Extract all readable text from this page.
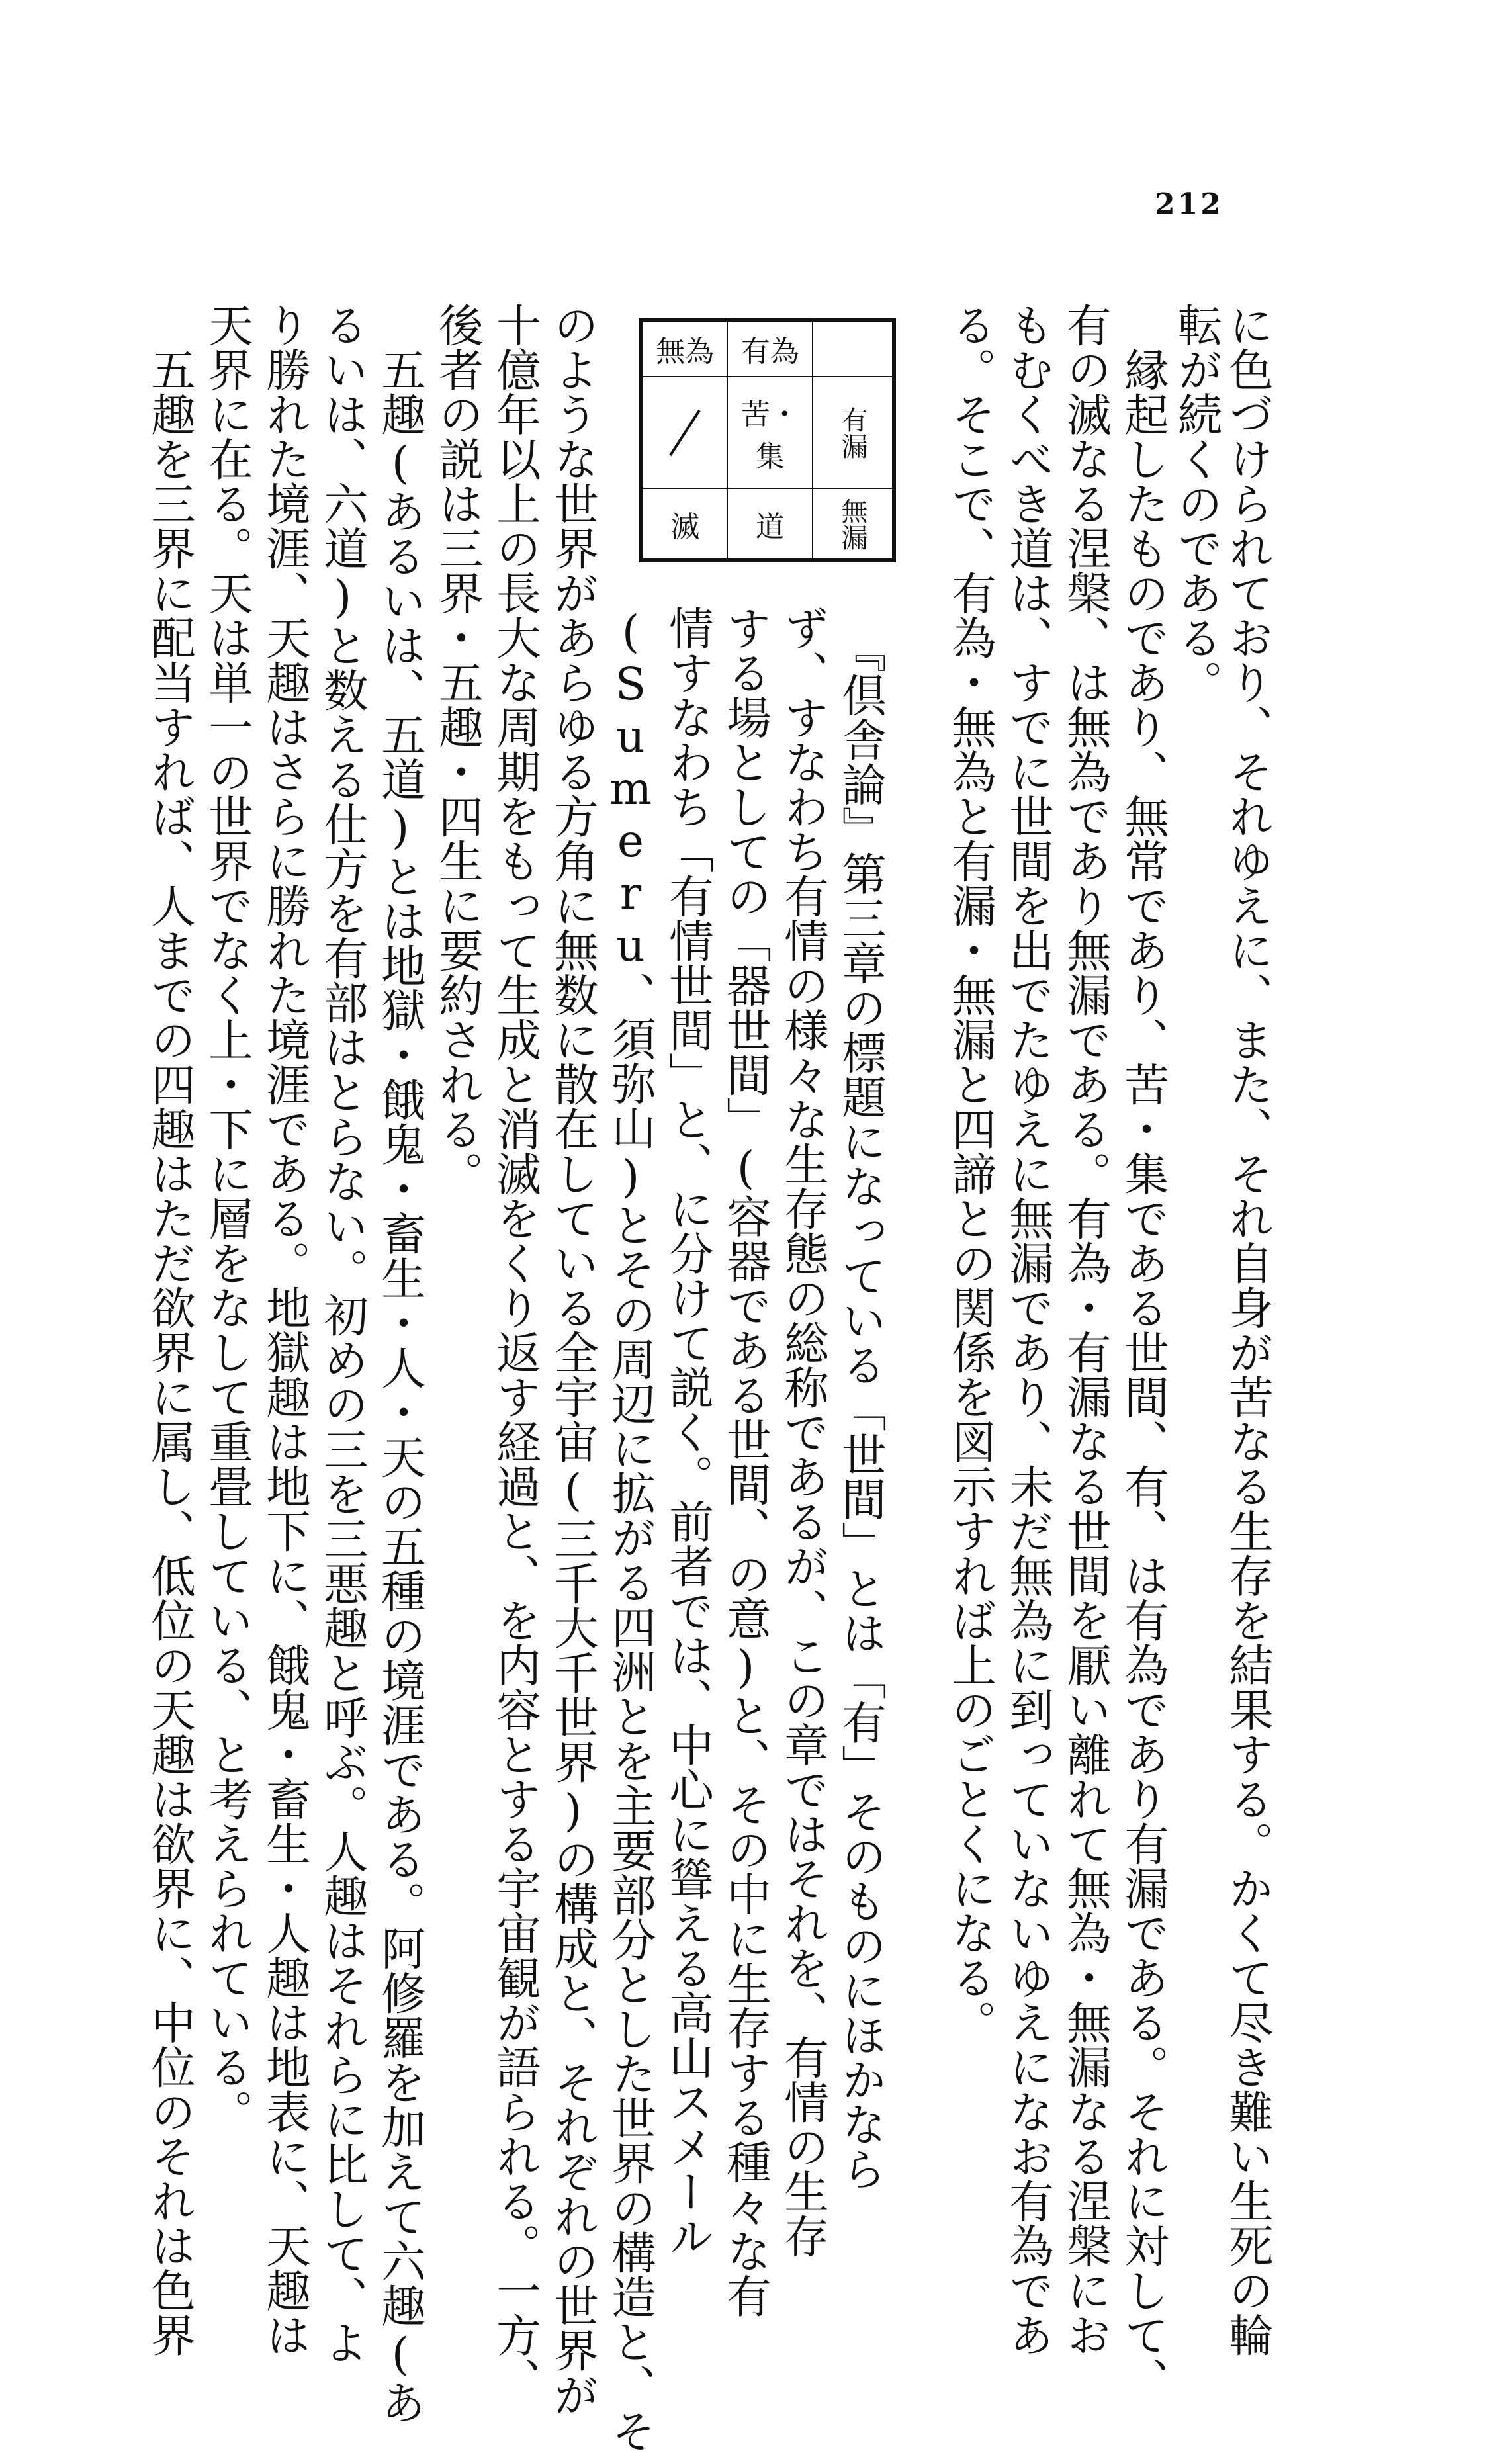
212
無為	有為	

	苦・集	有漏
滅	道	無漏	に色づけられており、それゆえに、また、それ自身が苦なる生存を結果する。かくて尽き難い生死の輪
転が続くのである。
　縁起したものであり、無常であり、苦・集である世間、有、は有為であり有漏である。それに対して、
有の滅なる涅槃、は無為であり無漏である。有為・有漏なる世間を厭い離れて無為・無漏なる涅槃にお
もむくべき道は、すでに世間を出でたゆえに無漏であり、未だ無為に到っていないゆえになお有為であ
る。そこで、有為・無為と有漏・無漏と四諦との関係を図示すれば上のごとくになる。
　『倶舎論』第三章の標題になっている「世間」とは「有」そのものにほかなら
ず、すなわち有情の様々な生存態の総称であるが、この章ではそれを、有情の生存
する場としての「器世間」(容器である世間、の意)と、その中に生存する種々な有
情すなわち「有情世間」と、に分けて説く。前者では、中心に聳える高山スメール
(Sumeru、須弥山)とその周辺に拡がる四洲とを主要部分とした世界の構造と、そ
のような世界があらゆる方角に無数に散在している全宇宙(三千大千世界)の構成と、それぞれの世界が
十億年以上の長大な周期をもって生成と消滅をくり返す経過と、を内容とする宇宙観が語られる。一方、
後者の説は三界・五趣・四生に要約される。
　五趣(あるいは、五道)とは地獄・餓鬼・畜生・人・天の五種の境涯である。阿修羅を加えて六趣(あ
るいは、六道)と数える仕方を有部はとらない。初めの三を三悪趣と呼ぶ。人趣はそれらに比して、よ
り勝れた境涯、天趣はさらに勝れた境涯である。地獄趣は地下に、餓鬼・畜生・人趣は地表に、天趣は
天界に在る。天は単一の世界でなく上・下に層をなして重畳している、と考えられている。
　五趣を三界に配当すれば、人までの四趣はただ欲界に属し、低位の天趣は欲界に、中位のそれは色界
